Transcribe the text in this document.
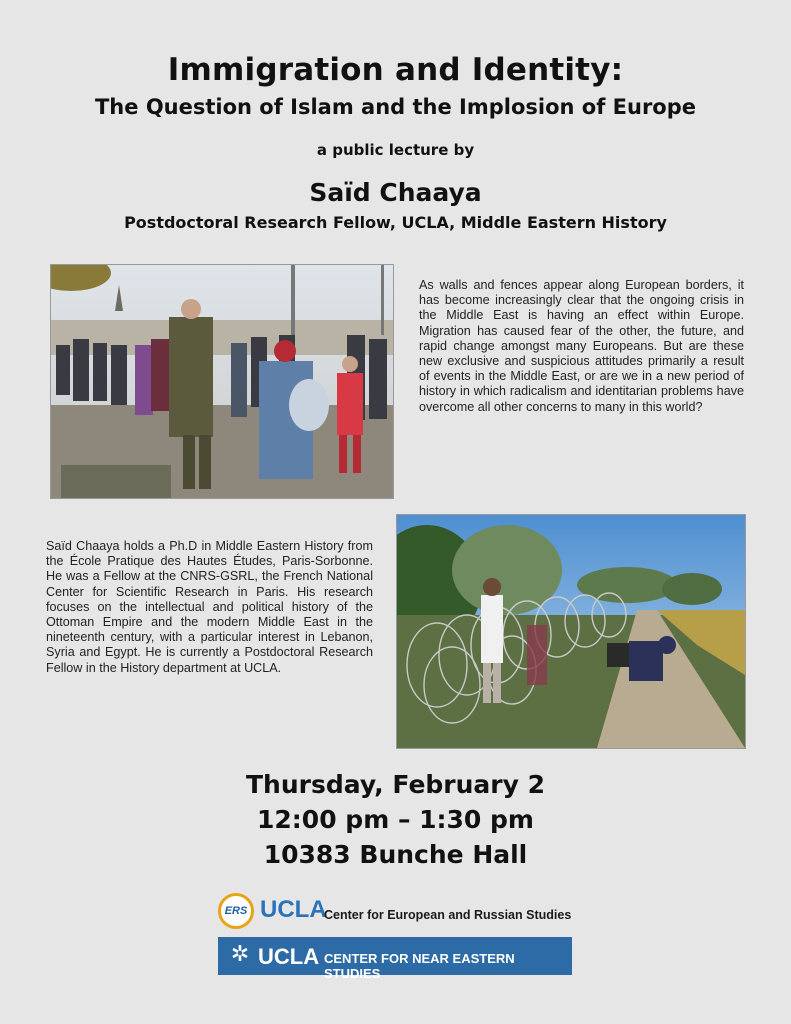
Immigration and Identity:
The Question of Islam and the Implosion of Europe
a public lecture by
Saïd Chaaya
Postdoctoral Research Fellow, UCLA, Middle Eastern History
As walls and fences appear along European borders, it has become increasingly clear that the ongoing crisis in the Middle East is having an effect within Europe. Migration has caused fear of the other, the future, and rapid change amongst many Europeans. But are these new exclusive and suspicious attitudes primarily a result of events in the Middle East, or are we in a new period of history in which radicalism and identitarian problems have overcome all other concerns to many in this world?
Saïd Chaaya holds a Ph.D in Middle Eastern History from the École Pratique des Hautes Études, Paris-Sorbonne. He was a Fellow at the CNRS-GSRL, the French National Center for Scientific Research in Paris. His research focuses on the intellectual and political history of the Ottoman Empire and the modern Middle East in the nineteenth century, with a particular interest in Lebanon, Syria and Egypt. He is currently a Postdoctoral Research Fellow in the History department at UCLA.
Thursday, February 2
12:00 pm – 1:30 pm
10383 Bunche Hall
ERS UCLA
Center for European and Russian Studies
✲ UCLA CENTER FOR NEAR EASTERN STUDIES
